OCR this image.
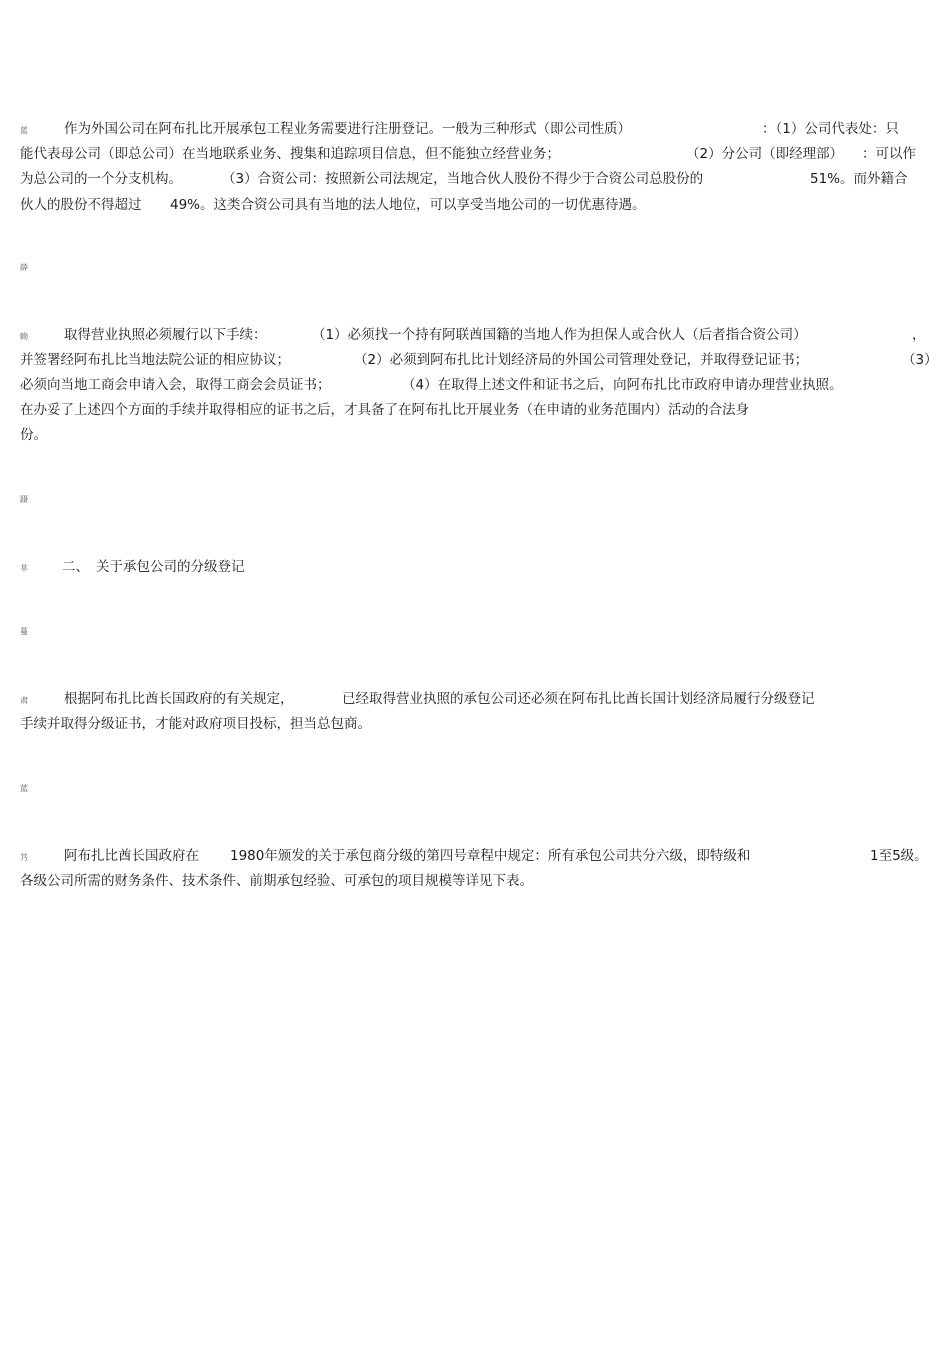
蓝	作为外国公司在阿布扎比开展承包工程业务需要进行注册登记。一般为三种形式（即公司性质）	：（1）公司代表处：只
能代表母公司（即总公司）在当地联系业务、搜集和追踪项目信息，但不能独立经营业务；	（2）分公司（即经理部） ：可以作
为总公司的一个分支机构。	（3）合资公司：按照新公司法规定，当地合伙人股份不得少于合资公司总股份的	51%。而外籍合
伙人的股份不得超过 49%。这类合资公司具有当地的法人地位，可以享受当地公司的一切优惠待遇。
薛
蚴	取得营业执照必须履行以下手续：	（1）必须找一个持有阿联酋国籍的当地人作为担保人或合伙人（后者指合资公司）	，
并签署经阿布扎比当地法院公证的相应协议；	（2）必须到阿布扎比计划经济局的外国公司管理处登记，并取得登记证书；	（3）
必须向当地工商会申请入会，取得工商会会员证书；	（4）在取得上述文件和证书之后，向阿布扎比市政府申请办理营业执照。
在办妥了上述四个方面的手续并取得相应的证书之后，才具备了在阿布扎比开展业务（在申请的业务范围内）活动的合法身
份。
蹑
芈	二、 关于承包公司的分级登记
蔓
肃	根据阿布扎比酋长国政府的有关规定，	已经取得营业执照的承包公司还必须在阿布扎比酋长国计划经济局履行分级登记
手续并取得分级证书，才能对政府项目投标，担当总包商。
蓝
艿	阿布扎比酋长国政府在 1980年颁发的关于承包商分级的第四号章程中规定：所有承包公司共分六级，即特级和	1至5级。
各级公司所需的财务条件、技术条件、前期承包经验、可承包的项目规模等详见下表。
